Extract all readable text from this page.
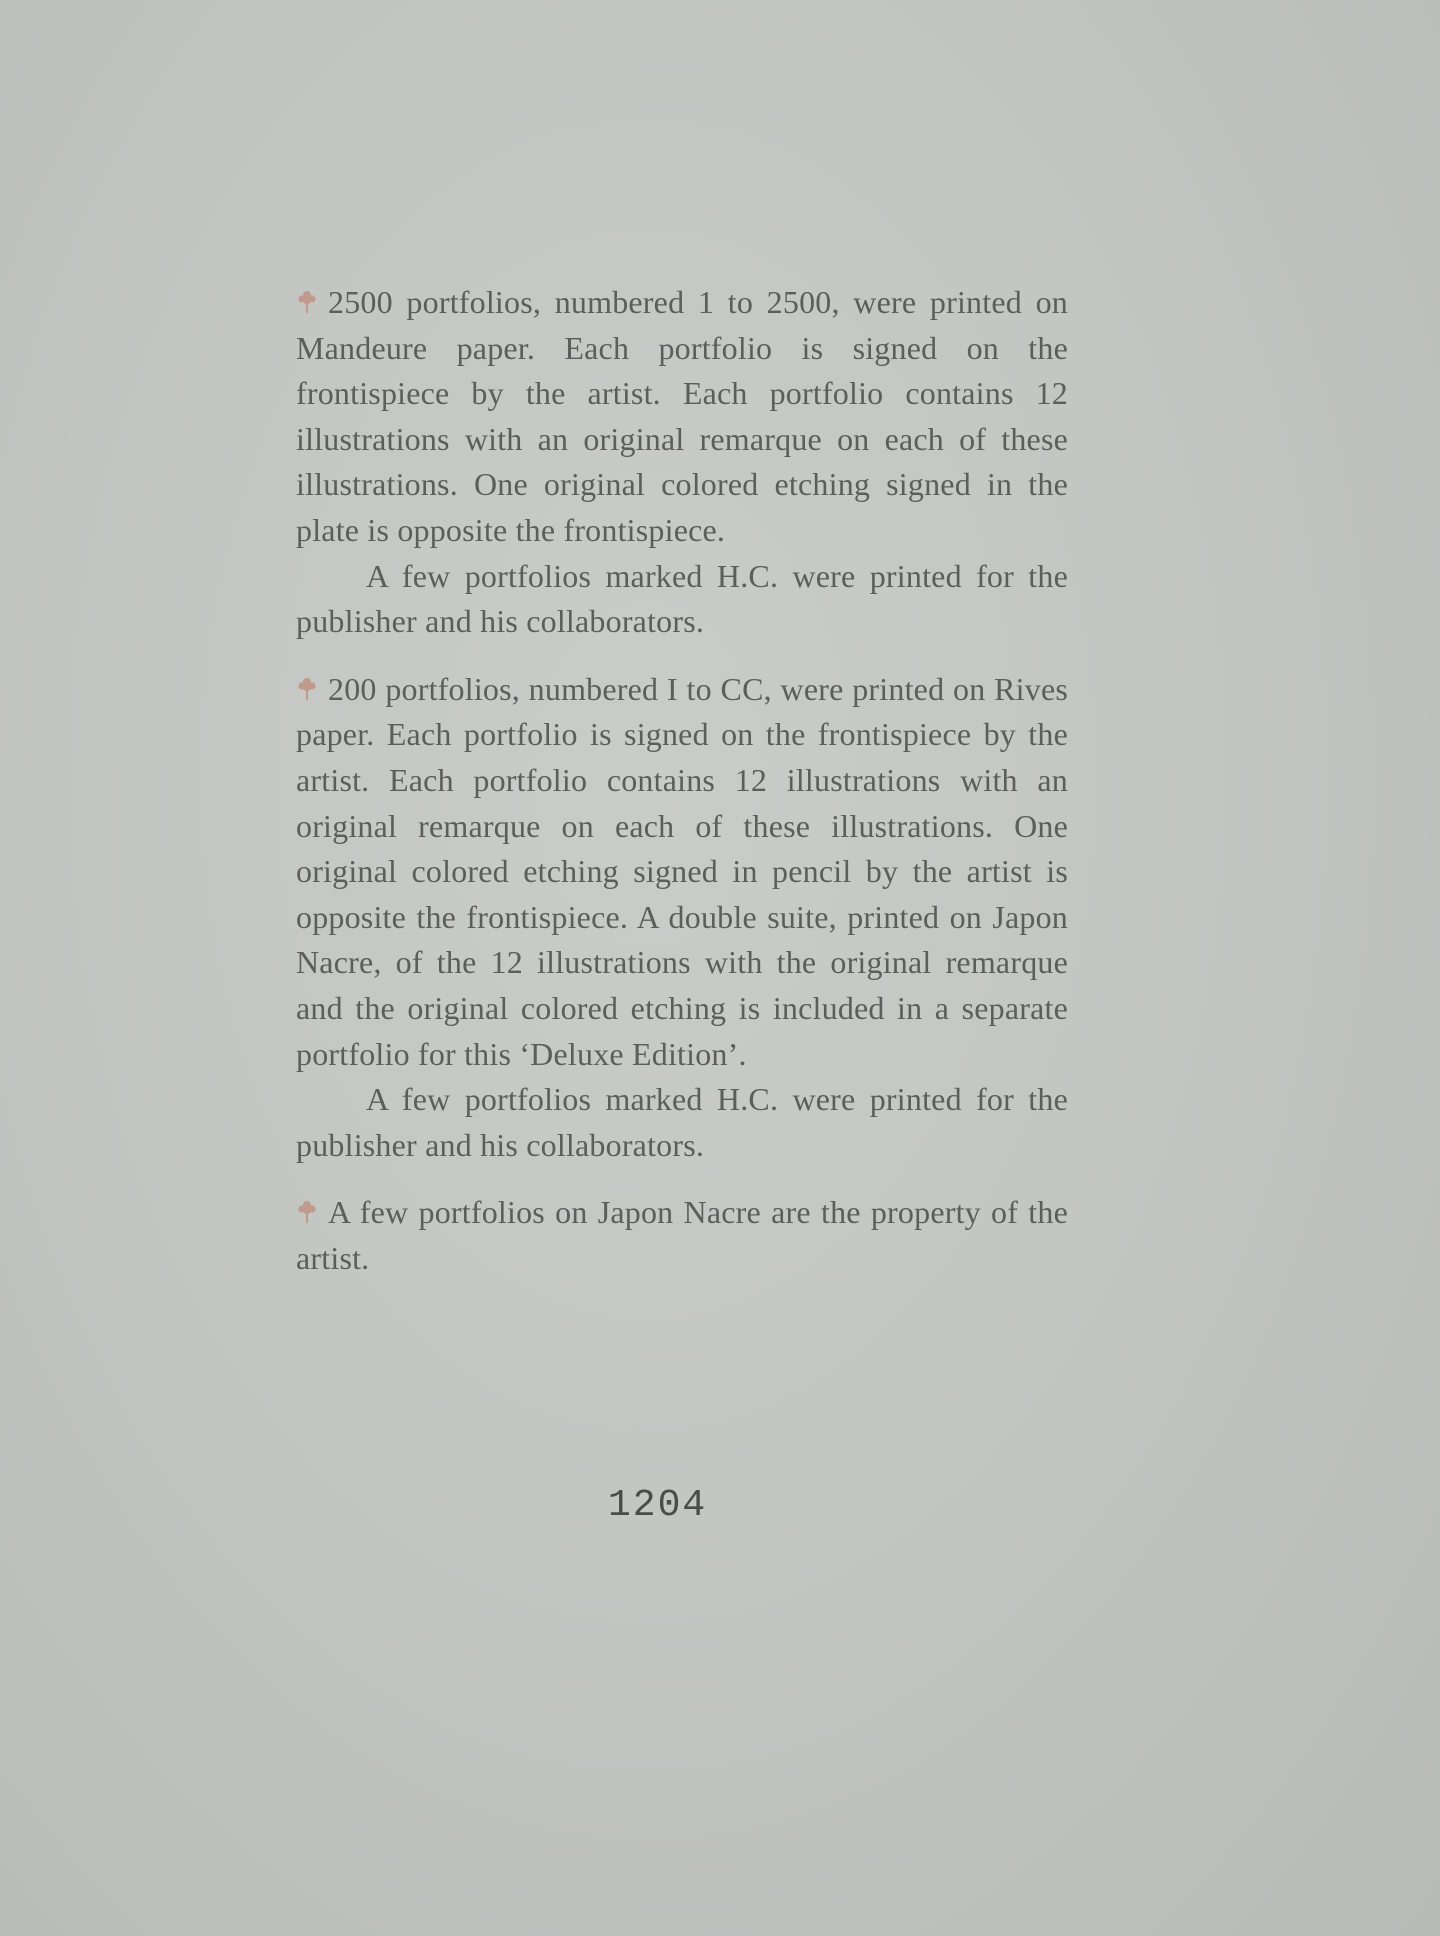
2500 portfolios, numbered 1 to 2500, were printed on Mandeure paper. Each portfolio is signed on the frontispiece by the artist. Each portfolio contains 12 illustrations with an original remarque on each of these illustrations. One original colored etching signed in the plate is opposite the frontispiece.

A few portfolios marked H.C. were printed for the publisher and his collaborators.

200 portfolios, numbered I to CC, were printed on Rives paper. Each portfolio is signed on the frontispiece by the artist. Each portfolio contains 12 illustrations with an original remarque on each of these illustrations. One original colored etching signed in pencil by the artist is opposite the frontispiece. A double suite, printed on Japon Nacre, of the 12 illustrations with the original remarque and the original colored etching is included in a separate portfolio for this ‘Deluxe Edition’.

A few portfolios marked H.C. were printed for the publisher and his collaborators.

A few portfolios on Japon Nacre are the property of the artist.

1204
